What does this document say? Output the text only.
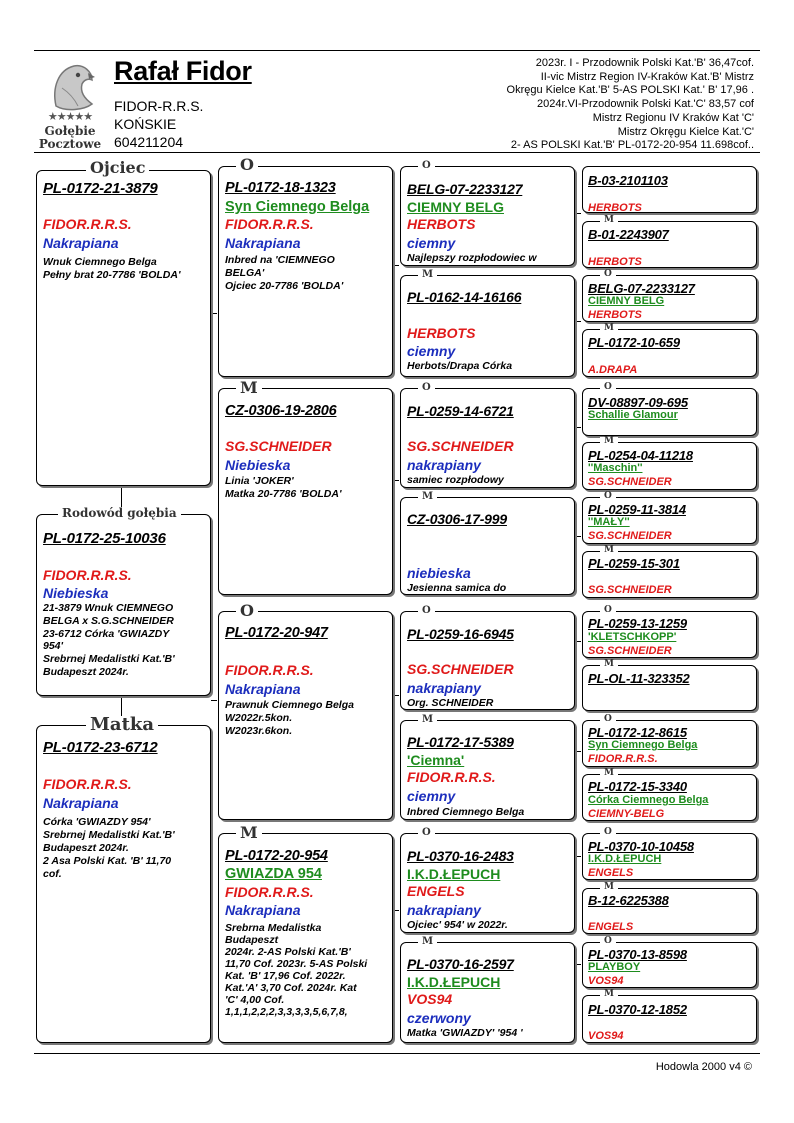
★★★★★
Gołębie
Pocztowe
Rafał Fidor
FIDOR-R.R.S.
KOŃSKIE
604211204
2023r. I - Przodownik Polski Kat.'B' 36,47cof.
II-vic Mistrz Region IV-Kraków Kat.'B' Mistrz
Okręgu Kielce Kat.'B' 5-AS POLSKI Kat.' B' 17,96 .
2024r.VI-Przodownik Polski Kat.'C' 83,57 cof
Mistrz Regionu IV Kraków Kat 'C'
Mistrz Okręgu Kielce Kat.'C'
2- AS POLSKI Kat.'B' PL-0172-20-954 11.698cof..
Ojciec
PL-0172-21-3879
FIDOR.R.R.S.
Nakrapiana
Wnuk Ciemnego Belga
Pełny brat 20-7786 'BOLDA'
Rodowód gołębia
PL-0172-25-10036
FIDOR.R.R.S.
Niebieska
21-3879 Wnuk CIEMNEGO
BELGA x S.G.SCHNEIDER
23-6712 Córka 'GWIAZDY
954'
Srebrnej Medalistki Kat.'B'
Budapeszt 2024r.
Matka
PL-0172-23-6712
FIDOR.R.R.S.
Nakrapiana
Córka 'GWIAZDY 954'
Srebrnej Medalistki Kat.'B'
Budapeszt 2024r.
2 Asa Polski Kat. 'B' 11,70
cof.
O
PL-0172-18-1323
Syn Ciemnego Belga
FIDOR.R.R.S.
Nakrapiana
Inbred na 'CIEMNEGO
BELGA'
Ojciec 20-7786 'BOLDA'
M
CZ-0306-19-2806
SG.SCHNEIDER
Niebieska
Linia 'JOKER'
Matka 20-7786 'BOLDA'
O
PL-0172-20-947
FIDOR.R.R.S.
Nakrapiana
Prawnuk Ciemnego Belga
W2022r.5kon.
W2023r.6kon.
M
PL-0172-20-954
GWIAZDA 954
FIDOR.R.R.S.
Nakrapiana
Srebrna Medalistka
Budapeszt
2024r. 2-AS Polski Kat.'B'
11,70 Cof. 2023r. 5-AS Polski
Kat. 'B' 17,96 Cof. 2022r.
Kat.'A' 3,70 Cof. 2024r. Kat
'C' 4,00 Cof.
1,1,1,2,2,2,3,3,3,3,5,6,7,8,
O
BELG-07-2233127
CIEMNY BELG
HERBOTS
ciemny
Najlepszy rozpłodowiec w
M
PL-0162-14-16166
HERBOTS
ciemny
Herbots/Drapa Córka
O
PL-0259-14-6721
SG.SCHNEIDER
nakrapiany
samiec rozpłodowy
M
CZ-0306-17-999
niebieska
Jesienna samica do
O
PL-0259-16-6945
SG.SCHNEIDER
nakrapiany
Org. SCHNEIDER
M
PL-0172-17-5389
'Ciemna'
FIDOR.R.R.S.
ciemny
Inbred Ciemnego Belga
O
PL-0370-16-2483
I.K.D.ŁEPUCH
ENGELS
nakrapiany
Ojciec' 954' w 2022r.
M
PL-0370-16-2597
I.K.D.ŁEPUCH
VOS94
czerwony
Matka 'GWIAZDY' '954 '
B-03-2101103
HERBOTS
M
B-01-2243907
HERBOTS
O
BELG-07-2233127
CIEMNY BELG
HERBOTS
M
PL-0172-10-659
A.DRAPA
O
DV-08897-09-695
Schallie Glamour
M
PL-0254-04-11218
''Maschin''
SG.SCHNEIDER
O
PL-0259-11-3814
''MAŁY''
SG.SCHNEIDER
M
PL-0259-15-301
SG.SCHNEIDER
O
PL-0259-13-1259
'KLETSCHKOPP'
SG.SCHNEIDER
M
PL-OL-11-323352
O
PL-0172-12-8615
Syn Ciemnego Belga
FIDOR.R.R.S.
M
PL-0172-15-3340
Córka Ciemnego Belga
CIEMNY-BELG
O
PL-0370-10-10458
I.K.D.ŁEPUCH
ENGELS
M
B-12-6225388
ENGELS
O
PL-0370-13-8598
PLAYBOY
VOS94
M
PL-0370-12-1852
VOS94
Hodowla 2000 v4 ©
